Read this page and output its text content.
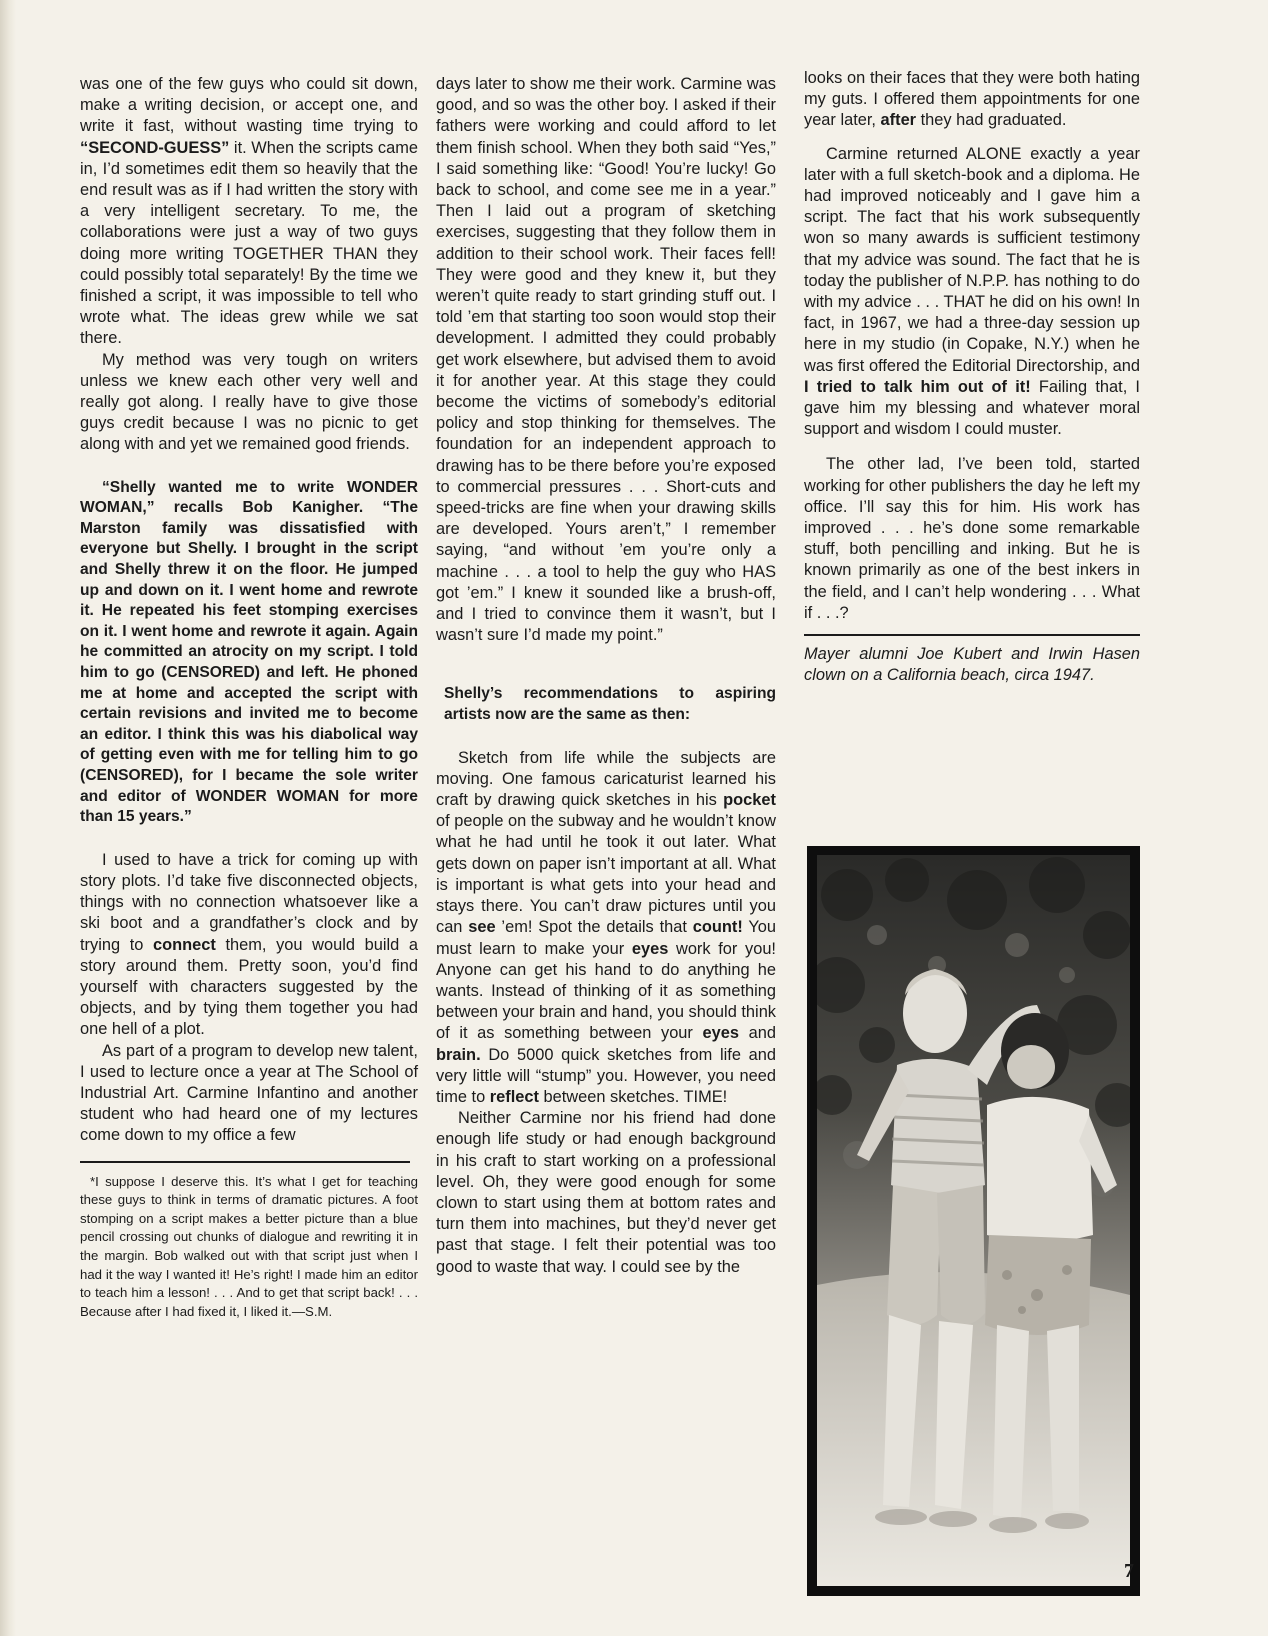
was one of the few guys who could sit down, make a writing decision, or accept one, and write it fast, without wasting time trying to “SECOND-GUESS” it. When the scripts came in, I’d sometimes edit them so heavily that the end result was as if I had written the story with a very intelligent secretary. To me, the collaborations were just a way of two guys doing more writing TOGETHER THAN they could possibly total separately! By the time we finished a script, it was impossible to tell who wrote what. The ideas grew while we sat there.

My method was very tough on writers unless we knew each other very well and really got along. I really have to give those guys credit because I was no picnic to get along with and yet we remained good friends.

“Shelly wanted me to write WONDER WOMAN,” recalls Bob Kanigher. “The Marston family was dissatisfied with everyone but Shelly. I brought in the script and Shelly threw it on the floor. He jumped up and down on it. I went home and rewrote it. He repeated his feet stomping exercises on it. I went home and rewrote it again. Again he committed an atrocity on my script. I told him to go (CENSORED) and left. He phoned me at home and accepted the script with certain revisions and invited me to become an editor. I think this was his diabolical way of getting even with me for telling him to go (CENSORED), for I became the sole writer and editor of WONDER WOMAN for more than 15 years.”

I used to have a trick for coming up with story plots. I’d take five disconnected objects, things with no connection whatsoever like a ski boot and a grandfather’s clock and by trying to connect them, you would build a story around them. Pretty soon, you’d find yourself with characters suggested by the objects, and by tying them together you had one hell of a plot.

As part of a program to develop new talent, I used to lecture once a year at The School of Industrial Art. Carmine Infantino and another student who had heard one of my lectures come down to my office a few

*I suppose I deserve this. It’s what I get for teaching these guys to think in terms of dramatic pictures. A foot stomping on a script makes a better picture than a blue pencil crossing out chunks of dialogue and rewriting it in the margin. Bob walked out with that script just when I had it the way I wanted it! He’s right! I made him an editor to teach him a lesson! . . . And to get that script back! . . . Because after I had fixed it, I liked it.—S.M.

days later to show me their work. Carmine was good, and so was the other boy. I asked if their fathers were working and could afford to let them finish school. When they both said “Yes,” I said something like: “Good! You’re lucky! Go back to school, and come see me in a year.” Then I laid out a program of sketching exercises, suggesting that they follow them in addition to their school work. Their faces fell! They were good and they knew it, but they weren’t quite ready to start grinding stuff out. I told ’em that starting too soon would stop their development. I admitted they could probably get work elsewhere, but advised them to avoid it for another year. At this stage they could become the victims of somebody’s editorial policy and stop thinking for themselves. The foundation for an independent approach to drawing has to be there before you’re exposed to commercial pressures . . . Short-cuts and speed-tricks are fine when your drawing skills are developed. Yours aren’t,” I remember saying, “and without ’em you’re only a machine . . . a tool to help the guy who HAS got ’em.” I knew it sounded like a brush-off, and I tried to convince them it wasn’t, but I wasn’t sure I’d made my point.”

Shelly’s recommendations to aspiring artists now are the same as then:

Sketch from life while the subjects are moving. One famous caricaturist learned his craft by drawing quick sketches in his pocket of people on the subway and he wouldn’t know what he had until he took it out later. What gets down on paper isn’t important at all. What is important is what gets into your head and stays there. You can’t draw pictures until you can see ’em! Spot the details that count! You must learn to make your eyes work for you! Anyone can get his hand to do anything he wants. Instead of thinking of it as something between your brain and hand, you should think of it as something between your eyes and brain. Do 5000 quick sketches from life and very little will “stump” you. However, you need time to reflect between sketches. TIME!

Neither Carmine nor his friend had done enough life study or had enough background in his craft to start working on a professional level. Oh, they were good enough for some clown to start using them at bottom rates and turn them into machines, but they’d never get past that stage. I felt their potential was too good to waste that way. I could see by the

looks on their faces that they were both hating my guts. I offered them appointments for one year later, after they had graduated.

Carmine returned ALONE exactly a year later with a full sketch-book and a diploma. He had improved noticeably and I gave him a script. The fact that his work subsequently won so many awards is sufficient testimony that my advice was sound. The fact that he is today the publisher of N.P.P. has nothing to do with my advice . . . THAT he did on his own! In fact, in 1967, we had a three-day session up here in my studio (in Copake, N.Y.) when he was first offered the Editorial Directorship, and I tried to talk him out of it! Failing that, I gave him my blessing and whatever moral support and wisdom I could muster.

The other lad, I’ve been told, started working for other publishers the day he left my office. I’ll say this for him. His work has improved . . . he’s done some remarkable stuff, both pencilling and inking. But he is known primarily as one of the best inkers in the field, and I can’t help wondering . . . What if . . .?

Mayer alumni Joe Kubert and Irwin Hasen clown on a California beach, circa 1947.

7
